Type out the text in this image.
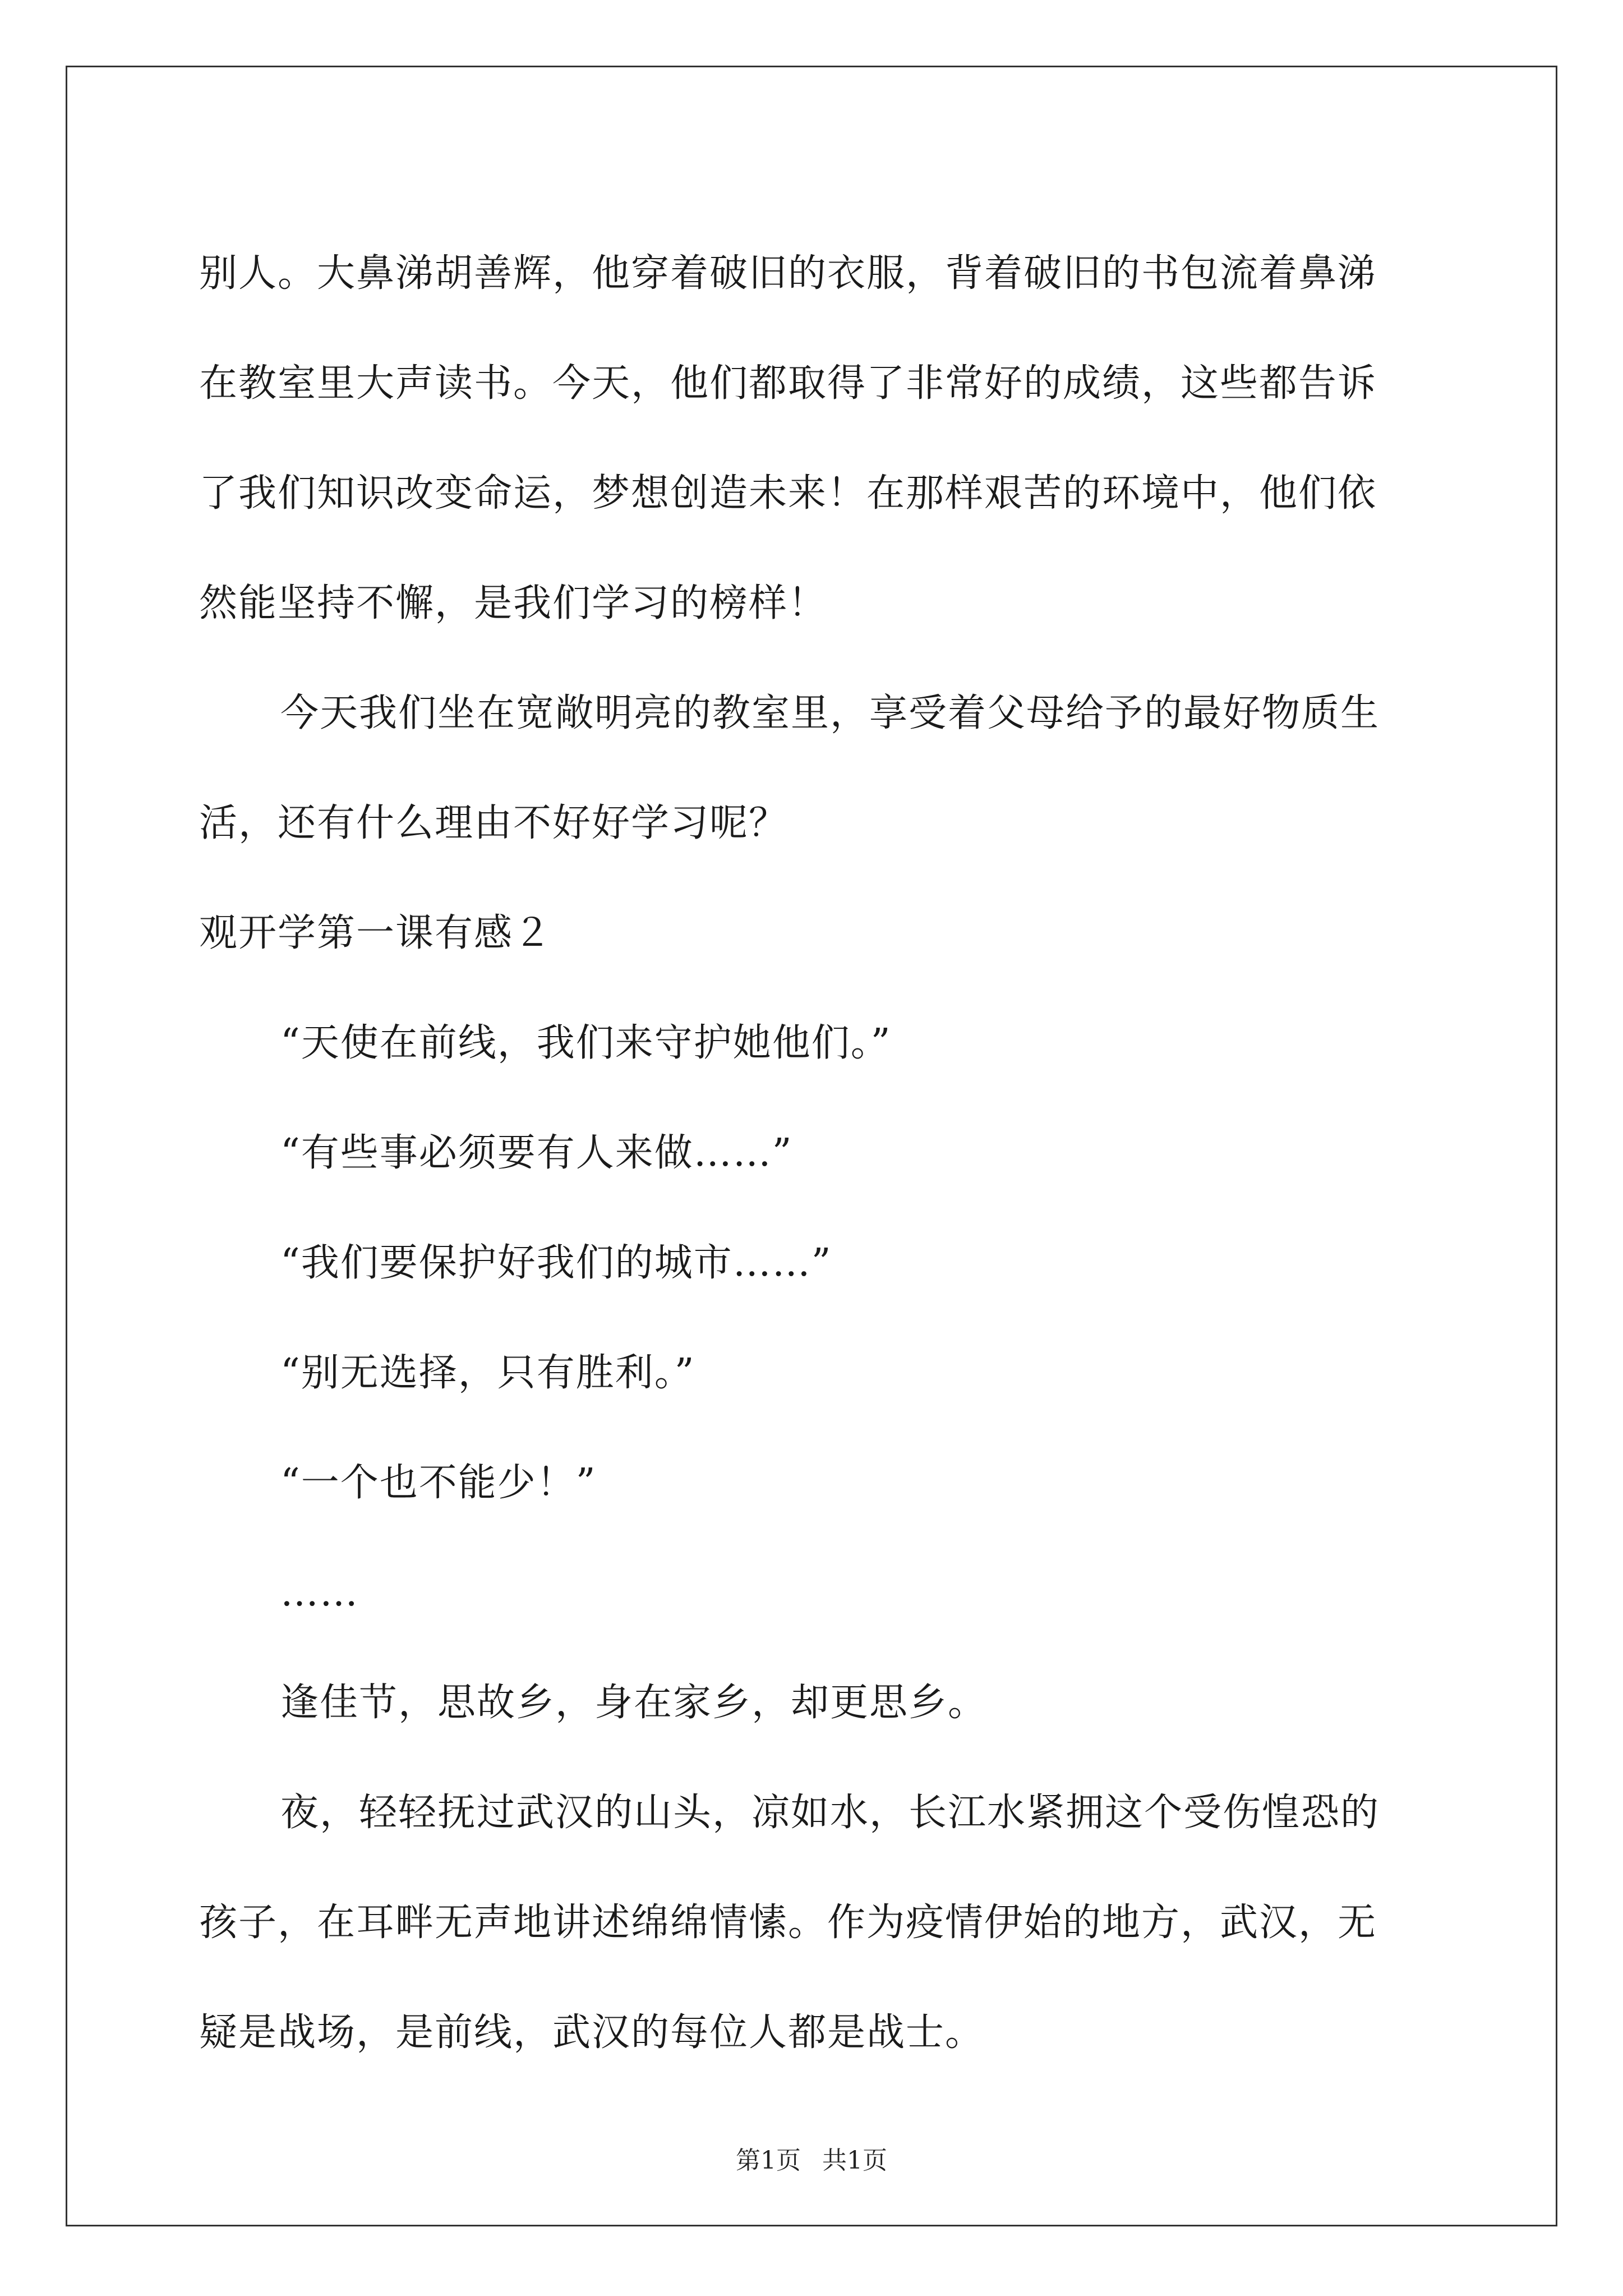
别人。大鼻涕胡善辉，他穿着破旧的衣服，背着破旧的书包流着鼻涕
在教室里大声读书。今天，他们都取得了非常好的成绩，这些都告诉
了我们知识改变命运，梦想创造未来！在那样艰苦的环境中，他们依
然能坚持不懈，是我们学习的榜样！
今天我们坐在宽敞明亮的教室里，享受着父母给予的最好物质生
活，还有什么理由不好好学习呢？
观开学第一课有感２
“天使在前线，我们来守护她他们。”
“有些事必须要有人来做……”
“我们要保护好我们的城市……”
“别无选择，只有胜利。”
“一个也不能少！”
……
逢佳节，思故乡，身在家乡，却更思乡。
夜，轻轻抚过武汉的山头，凉如水，长江水紧拥这个受伤惶恐的
孩子，在耳畔无声地讲述绵绵情愫。作为疫情伊始的地方，武汉，无
疑是战场，是前线，武汉的每位人都是战士。
第1页 共1页
